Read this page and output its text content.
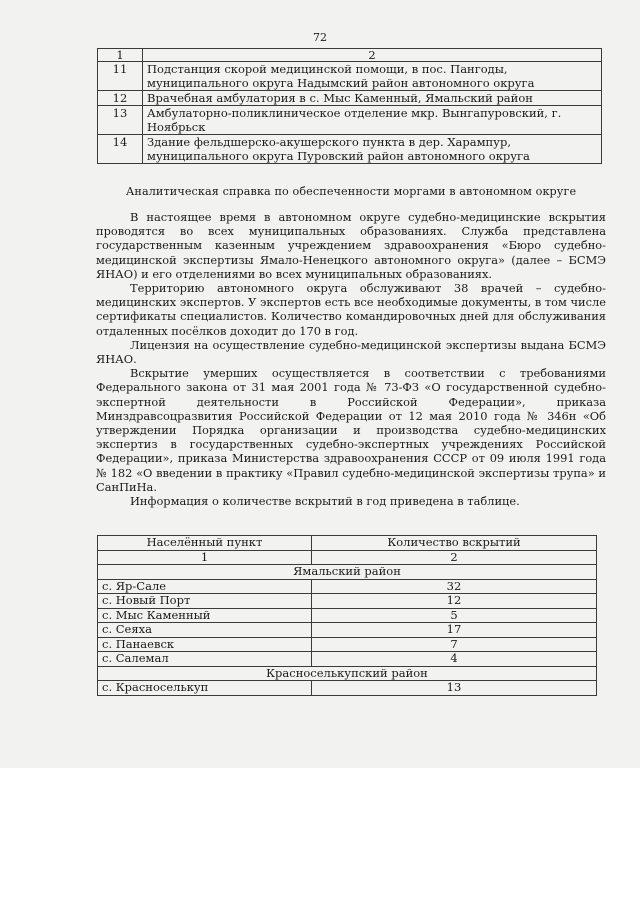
72
1	2
11	Подстанция скорой медицинской помощи, в пос. Пангоды, муниципального округа Надымский район автономного округа
12	Врачебная амбулатория в с. Мыс Каменный, Ямальский район
13	Амбулаторно-поликлиническое отделение мкр. Вынгапуровский, г. Ноябрьск
14	Здание фельдшерско-акушерского пункта в дер. Харампур, муниципального округа Пуровский район автономного округа
Аналитическая справка по обеспеченности моргами в автономном округе

В настоящее время в автономном округе судебно-медицинские вскрытия проводятся во всех муниципальных образованиях. Служба представлена государственным казенным учреждением здравоохранения «Бюро судебно-медицинской экспертизы Ямало-Ненецкого автономного округа» (далее – БСМЭ ЯНАО) и его отделениями во всех муниципальных образованиях.

Территорию автономного округа обслуживают 38 врачей – судебно-медицинских экспертов. У экспертов есть все необходимые документы, в том числе сертификаты специалистов. Количество командировочных дней для обслуживания отдаленных посёлков доходит до 170 в год.

Лицензия на осуществление судебно-медицинской экспертизы выдана БСМЭ ЯНАО.

Вскрытие умерших осуществляется в соответствии с требованиями Федерального закона от 31 мая 2001 года № 73-ФЗ «О государственной судебно-экспертной деятельности в Российской Федерации», приказа Минздравсоцразвития Российской Федерации от 12 мая 2010 года № 346н «Об утверждении Порядка организации и производства судебно-медицинских экспертиз в государственных судебно-экспертных учреждениях Российской Федерации», приказа Министерства здравоохранения СССР от 09 июля 1991 года № 182 «О введении в практику «Правил судебно-медицинской экспертизы трупа» и СанПиНа.

Информация о количестве вскрытий в год приведена в таблице.

Населённый пункт	Количество вскрытий
1	2
Ямальский район	
с. Яр-Сале	32
с. Новый Порт	12
с. Мыс Каменный	5
с. Сеяха	17
с. Панаевск	7
с. Салемал	4
Красноселькупский район	
с. Красноселькуп	13
